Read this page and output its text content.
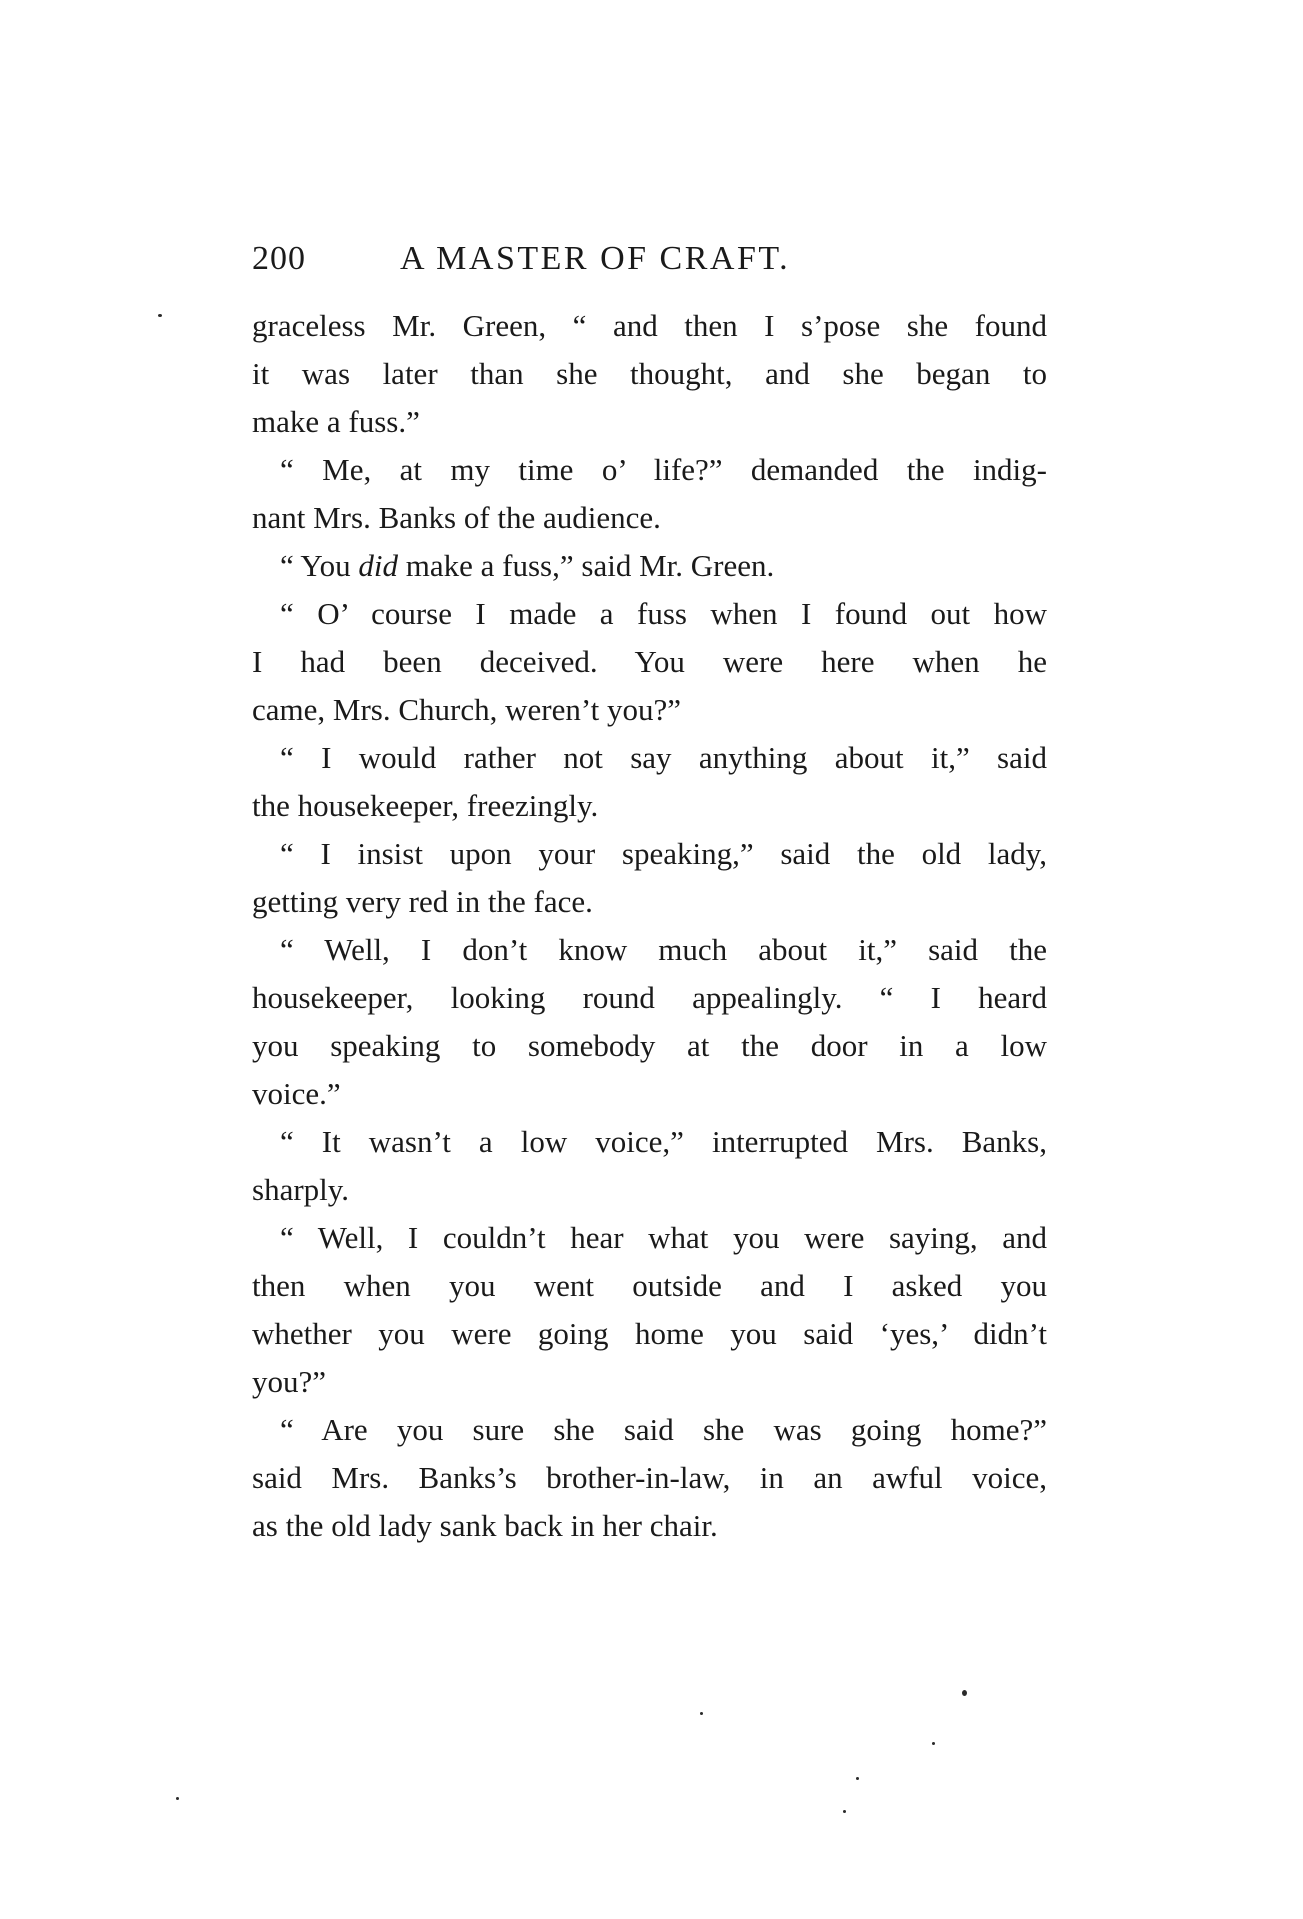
200	A MASTER OF CRAFT.
graceless Mr. Green, “ and then I s’pose she found
it was later than she thought, and she began to
make a fuss.”
“ Me, at my time o’ life?” demanded the indig-
nant Mrs. Banks of the audience.
“ You did make a fuss,” said Mr. Green.
“ O’ course I made a fuss when I found out how
I had been deceived. You were here when he
came, Mrs. Church, weren’t you?”
“ I would rather not say anything about it,” said
the housekeeper, freezingly.
“ I insist upon your speaking,” said the old lady,
getting very red in the face.
“ Well, I don’t know much about it,” said the
housekeeper, looking round appealingly. “ I heard
you speaking to somebody at the door in a low
voice.”
“ It wasn’t a low voice,” interrupted Mrs. Banks,
sharply.
“ Well, I couldn’t hear what you were saying, and
then when you went outside and I asked you
whether you were going home you said ‘yes,’ didn’t
you?”
“ Are you sure she said she was going home?”
said Mrs. Banks’s brother-in-law, in an awful voice,
as the old lady sank back in her chair.
